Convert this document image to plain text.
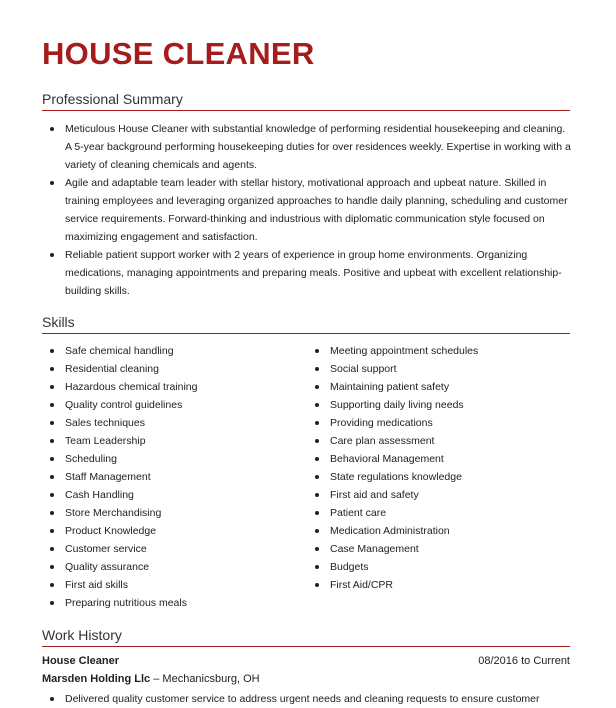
HOUSE CLEANER
Professional Summary
Meticulous House Cleaner with substantial knowledge of performing residential housekeeping and cleaning. A 5-year background performing housekeeping duties for over residences weekly. Expertise in working with a variety of cleaning chemicals and agents.
Agile and adaptable team leader with stellar history, motivational approach and upbeat nature. Skilled in training employees and leveraging organized approaches to handle daily planning, scheduling and customer service requirements. Forward-thinking and industrious with diplomatic communication style focused on maximizing engagement and satisfaction.
Reliable patient support worker with 2 years of experience in group home environments. Organizing medications, managing appointments and preparing meals. Positive and upbeat with excellent relationship-building skills.
Skills
Safe chemical handling
Residential cleaning
Hazardous chemical training
Quality control guidelines
Sales techniques
Team Leadership
Scheduling
Staff Management
Cash Handling
Store Merchandising
Product Knowledge
Customer service
Quality assurance
First aid skills
Preparing nutritious meals
Meeting appointment schedules
Social support
Maintaining patient safety
Supporting daily living needs
Providing medications
Care plan assessment
Behavioral Management
State regulations knowledge
First aid and safety
Patient care
Medication Administration
Case Management
Budgets
First Aid/CPR
Work History
House Cleaner	08/2016 to Current
Marsden Holding Llc – Mechanicsburg, OH
Delivered quality customer service to address urgent needs and cleaning requests to ensure customer
